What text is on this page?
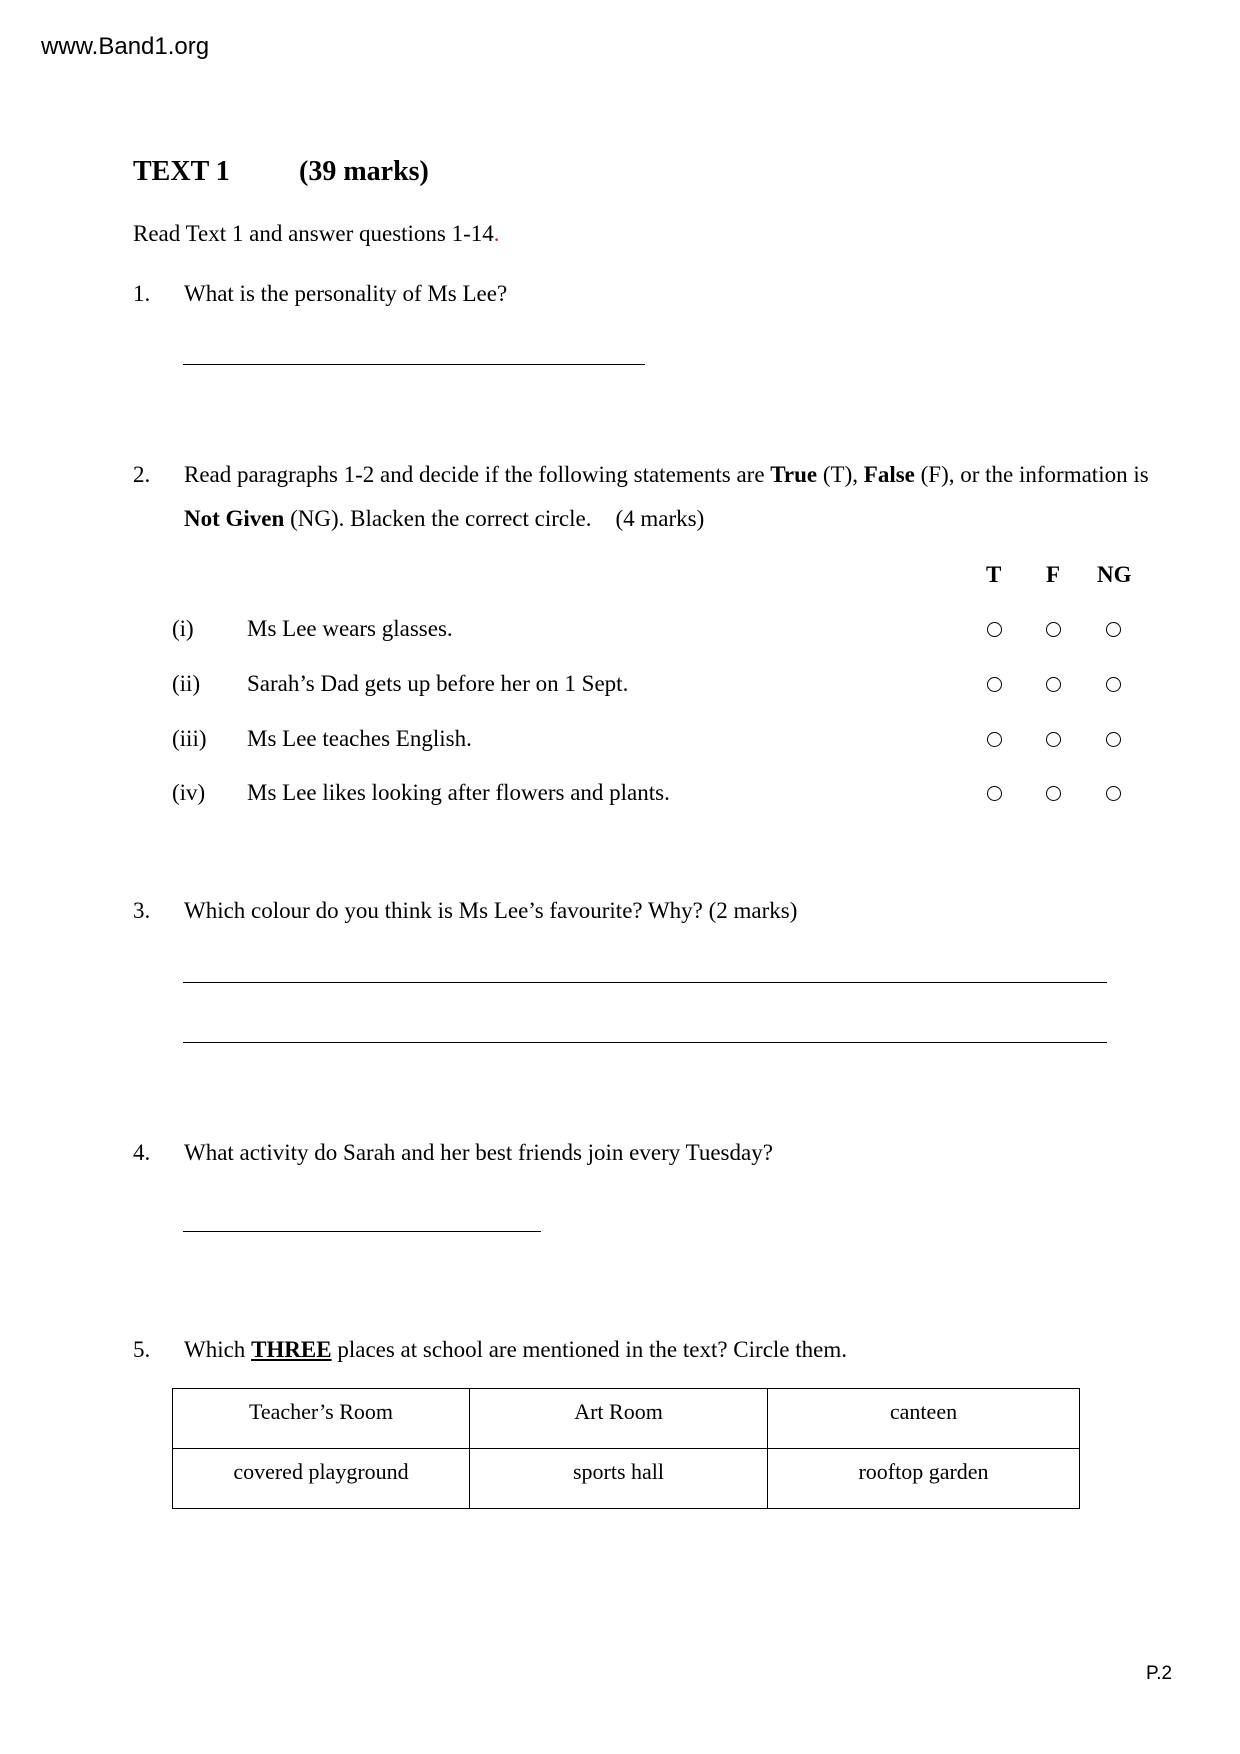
www.Band1.org
TEXT 1 (39 marks)
Read Text 1 and answer questions 1-14.
1. What is the personality of Ms Lee?
2. Read paragraphs 1-2 and decide if the following statements are True (T), False (F), or the information is
Not Given (NG). Blacken the correct circle. (4 marks)
T F NG
(i) Ms Lee wears glasses.
(ii) Sarah’s Dad gets up before her on 1 Sept.
(iii) Ms Lee teaches English.
(iv) Ms Lee likes looking after flowers and plants.
3. Which colour do you think is Ms Lee’s favourite? Why? (2 marks)
4. What activity do Sarah and her best friends join every Tuesday?
5. Which THREE places at school are mentioned in the text? Circle them.
Teacher’s Room	Art Room	canteen
covered playground	sports hall	rooftop garden
P.2
